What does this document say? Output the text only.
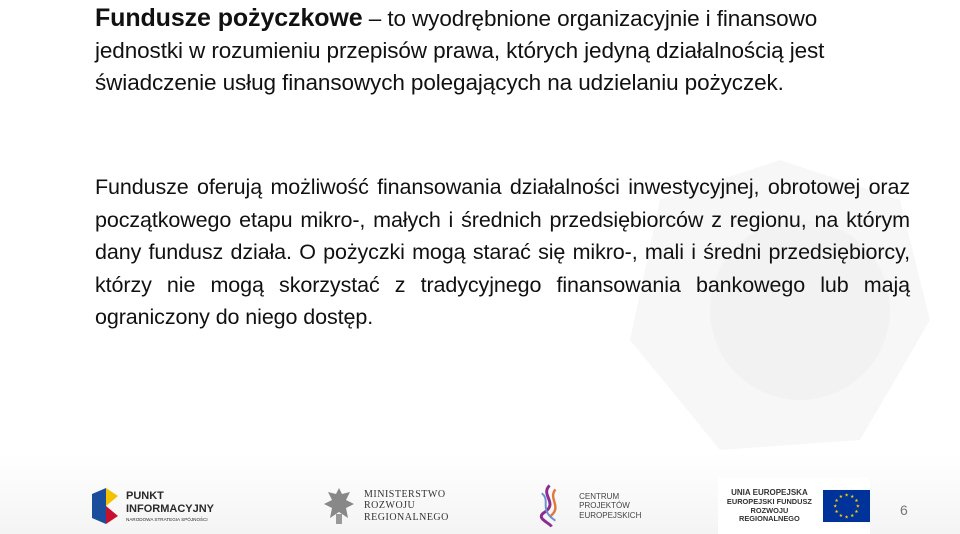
Fundusze pożyczkowe – to wyodrębnione organizacyjnie i finansowo jednostki w rozumieniu przepisów prawa, których jedyną działalnością jest świadczenie usług finansowych polegających na udzielaniu pożyczek.

Fundusze oferują możliwość finansowania działalności inwestycyjnej, obrotowej oraz początkowego etapu mikro-, małych i średnich przedsiębiorców z regionu, na którym dany fundusz działa. O pożyczki mogą starać się mikro-, mali i średni przedsiębiorcy, którzy nie mogą skorzystać z tradycyjnego finansowania bankowego lub mają ograniczony do niego dostęp.

PUNKT
INFORMACYJNY
NARODOWA STRATEGIA SPÓJNOŚCI
MINISTERSTWO
ROZWOJU
REGIONALNEGO
CENTRUM PROJEKTÓW
EUROPEJSKICH
UNIA EUROPEJSKA
EUROPEJSKI FUNDUSZ
ROZWOJU REGIONALNEGO
★ ★
★
★
★
★
★
★
★
★
★
★
6
